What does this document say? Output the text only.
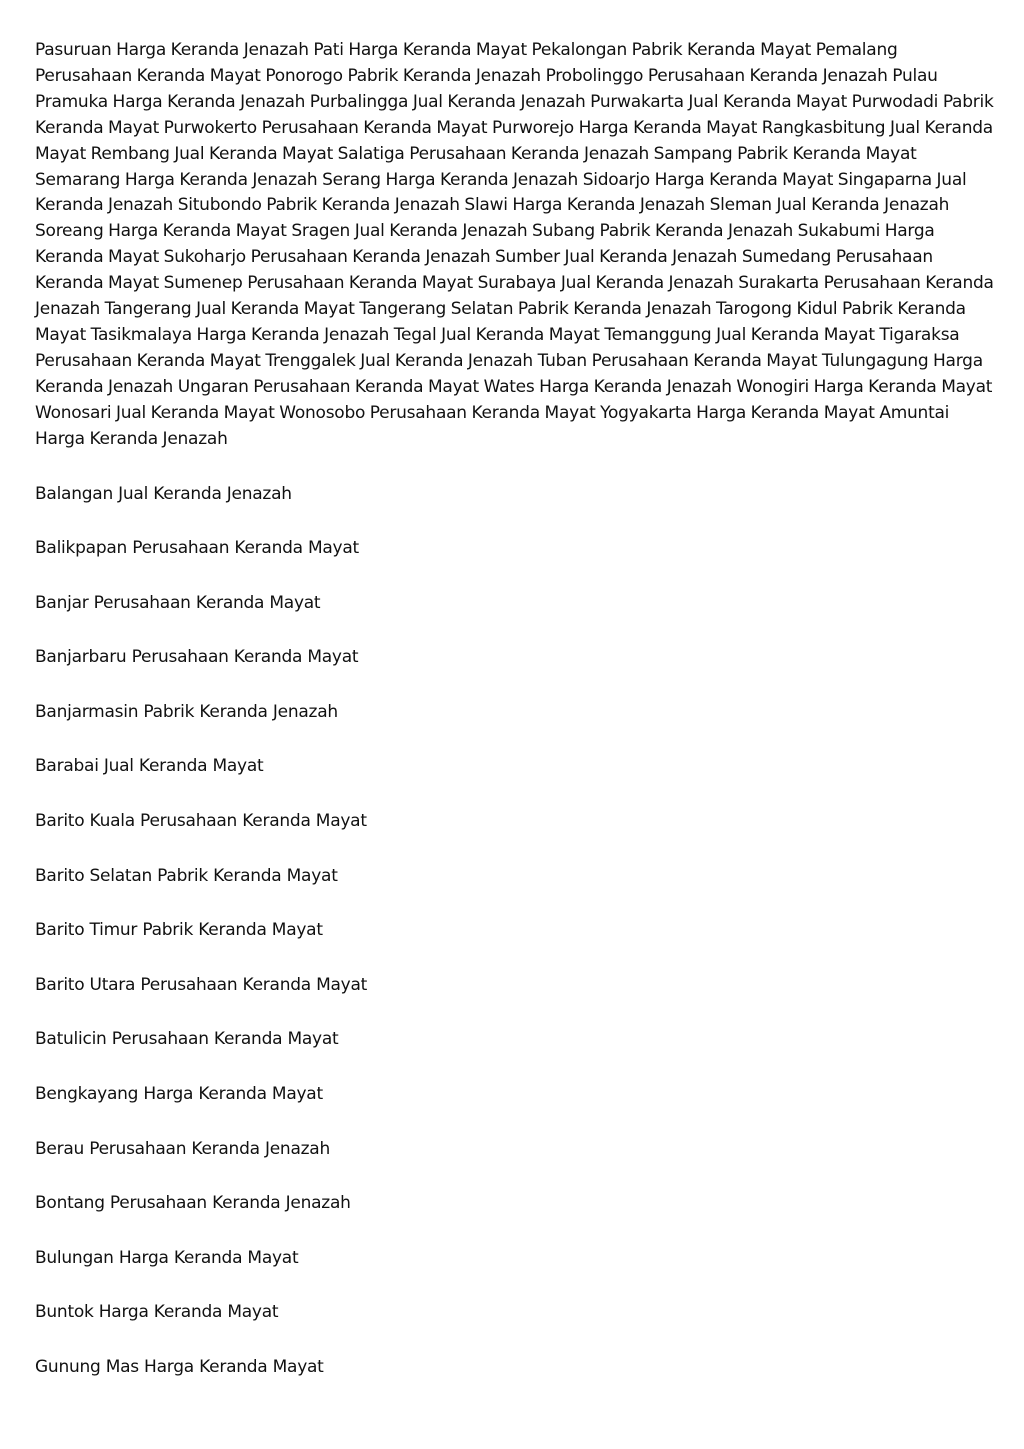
Pasuruan Harga Keranda Jenazah Pati Harga Keranda Mayat Pekalongan Pabrik Keranda Mayat Pemalang Perusahaan Keranda Mayat Ponorogo Pabrik Keranda Jenazah Probolinggo Perusahaan Keranda Jenazah Pulau Pramuka Harga Keranda Jenazah Purbalingga Jual Keranda Jenazah Purwakarta Jual Keranda Mayat Purwodadi Pabrik Keranda Mayat Purwokerto Perusahaan Keranda Mayat Purworejo Harga Keranda Mayat Rangkasbitung Jual Keranda Mayat Rembang Jual Keranda Mayat Salatiga Perusahaan Keranda Jenazah Sampang Pabrik Keranda Mayat Semarang Harga Keranda Jenazah Serang Harga Keranda Jenazah Sidoarjo Harga Keranda Mayat Singaparna Jual Keranda Jenazah Situbondo Pabrik Keranda Jenazah Slawi Harga Keranda Jenazah Sleman Jual Keranda Jenazah Soreang Harga Keranda Mayat Sragen Jual Keranda Jenazah Subang Pabrik Keranda Jenazah Sukabumi Harga Keranda Mayat Sukoharjo Perusahaan Keranda Jenazah Sumber Jual Keranda Jenazah Sumedang Perusahaan Keranda Mayat Sumenep Perusahaan Keranda Mayat Surabaya Jual Keranda Jenazah Surakarta Perusahaan Keranda Jenazah Tangerang Jual Keranda Mayat Tangerang Selatan Pabrik Keranda Jenazah Tarogong Kidul Pabrik Keranda Mayat Tasikmalaya Harga Keranda Jenazah Tegal Jual Keranda Mayat Temanggung Jual Keranda Mayat Tigaraksa Perusahaan Keranda Mayat Trenggalek Jual Keranda Jenazah Tuban Perusahaan Keranda Mayat Tulungagung Harga Keranda Jenazah Ungaran Perusahaan Keranda Mayat Wates Harga Keranda Jenazah Wonogiri Harga Keranda Mayat Wonosari Jual Keranda Mayat Wonosobo Perusahaan Keranda Mayat Yogyakarta Harga Keranda Mayat Amuntai Harga Keranda Jenazah

Balangan Jual Keranda Jenazah
Balikpapan Perusahaan Keranda Mayat
Banjar Perusahaan Keranda Mayat
Banjarbaru Perusahaan Keranda Mayat
Banjarmasin Pabrik Keranda Jenazah
Barabai Jual Keranda Mayat
Barito Kuala Perusahaan Keranda Mayat
Barito Selatan Pabrik Keranda Mayat
Barito Timur Pabrik Keranda Mayat
Barito Utara Perusahaan Keranda Mayat
Batulicin Perusahaan Keranda Mayat
Bengkayang Harga Keranda Mayat
Berau Perusahaan Keranda Jenazah
Bontang Perusahaan Keranda Jenazah
Bulungan Harga Keranda Mayat
Buntok Harga Keranda Mayat
Gunung Mas Harga Keranda Mayat
